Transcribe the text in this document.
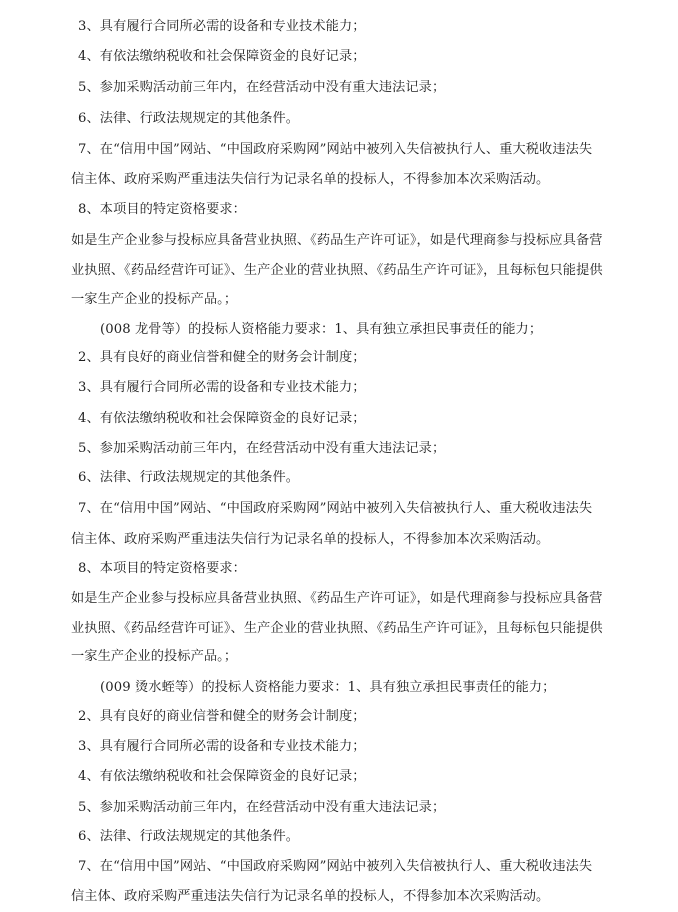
3、具有履行合同所必需的设备和专业技术能力；
4、有依法缴纳税收和社会保障资金的良好记录；
5、参加采购活动前三年内，在经营活动中没有重大违法记录；
6、法律、行政法规规定的其他条件。
7、在“信用中国”网站、“中国政府采购网”网站中被列入失信被执行人、重大税收违法失
信主体、政府采购严重违法失信行为记录名单的投标人，不得参加本次采购活动。
8、本项目的特定资格要求：
如是生产企业参与投标应具备营业执照、《药品生产许可证》，如是代理商参与投标应具备营
业执照、《药品经营许可证》、生产企业的营业执照、《药品生产许可证》，且每标包只能提供
一家生产企业的投标产品。；
(008 龙骨等）的投标人资格能力要求：1、具有独立承担民事责任的能力；
2、具有良好的商业信誉和健全的财务会计制度；
3、具有履行合同所必需的设备和专业技术能力；
4、有依法缴纳税收和社会保障资金的良好记录；
5、参加采购活动前三年内，在经营活动中没有重大违法记录；
6、法律、行政法规规定的其他条件。
7、在“信用中国”网站、“中国政府采购网”网站中被列入失信被执行人、重大税收违法失
信主体、政府采购严重违法失信行为记录名单的投标人，不得参加本次采购活动。
8、本项目的特定资格要求：
如是生产企业参与投标应具备营业执照、《药品生产许可证》，如是代理商参与投标应具备营
业执照、《药品经营许可证》、生产企业的营业执照、《药品生产许可证》，且每标包只能提供
一家生产企业的投标产品。；
(009 烫水蛭等）的投标人资格能力要求：1、具有独立承担民事责任的能力；
2、具有良好的商业信誉和健全的财务会计制度；
3、具有履行合同所必需的设备和专业技术能力；
4、有依法缴纳税收和社会保障资金的良好记录；
5、参加采购活动前三年内，在经营活动中没有重大违法记录；
6、法律、行政法规规定的其他条件。
7、在“信用中国”网站、“中国政府采购网”网站中被列入失信被执行人、重大税收违法失
信主体、政府采购严重违法失信行为记录名单的投标人，不得参加本次采购活动。
